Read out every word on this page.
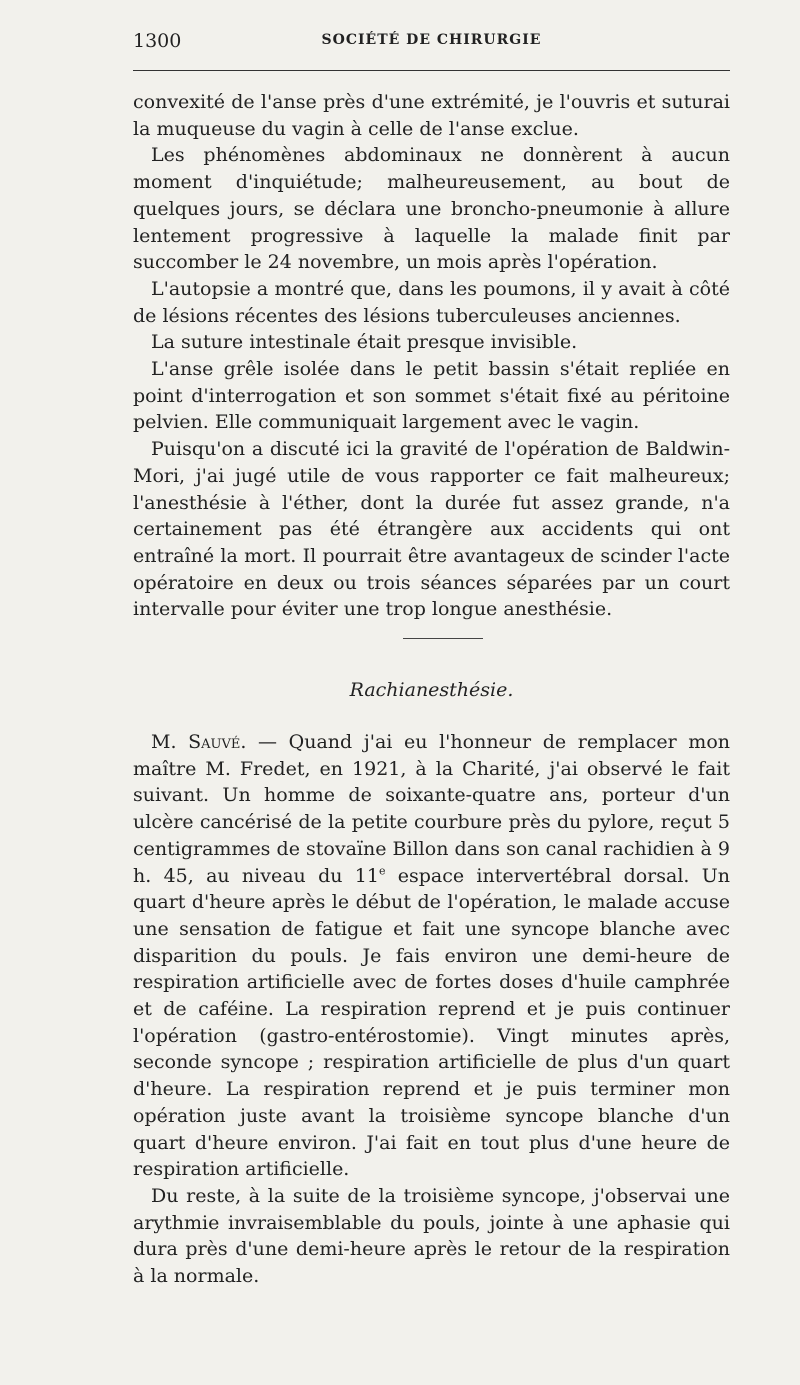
1300	SOCIÉTÉ DE CHIRURGIE

convexité de l'anse près d'une extrémité, je l'ouvris et suturai la muqueuse du vagin à celle de l'anse exclue.

Les phénomènes abdominaux ne donnèrent à aucun moment d'inquiétude; malheureusement, au bout de quelques jours, se déclara une broncho-pneumonie à allure lentement progressive à laquelle la malade finit par succomber le 24 novembre, un mois après l'opération.

L'autopsie a montré que, dans les poumons, il y avait à côté de lésions récentes des lésions tuberculeuses anciennes.

La suture intestinale était presque invisible.

L'anse grêle isolée dans le petit bassin s'était repliée en point d'interrogation et son sommet s'était fixé au péritoine pelvien. Elle communiquait largement avec le vagin.

Puisqu'on a discuté ici la gravité de l'opération de Baldwin-Mori, j'ai jugé utile de vous rapporter ce fait malheureux; l'anesthésie à l'éther, dont la durée fut assez grande, n'a certainement pas été étrangère aux accidents qui ont entraîné la mort. Il pourrait être avantageux de scinder l'acte opératoire en deux ou trois séances séparées par un court intervalle pour éviter une trop longue anesthésie.

Rachianesthésie.

M. Sauvé. — Quand j'ai eu l'honneur de remplacer mon maître M. Fredet, en 1921, à la Charité, j'ai observé le fait suivant. Un homme de soixante-quatre ans, porteur d'un ulcère cancérisé de la petite courbure près du pylore, reçut 5 centigrammes de stovaïne Billon dans son canal rachidien à 9 h. 45, au niveau du 11e espace intervertébral dorsal. Un quart d'heure après le début de l'opération, le malade accuse une sensation de fatigue et fait une syncope blanche avec disparition du pouls. Je fais environ une demi-heure de respiration artificielle avec de fortes doses d'huile camphrée et de caféine. La respiration reprend et je puis continuer l'opération (gastro-entérostomie). Vingt minutes après, seconde syncope ; respiration artificielle de plus d'un quart d'heure. La respiration reprend et je puis terminer mon opération juste avant la troisième syncope blanche d'un quart d'heure environ. J'ai fait en tout plus d'une heure de respiration artificielle.

Du reste, à la suite de la troisième syncope, j'observai une arythmie invraisemblable du pouls, jointe à une aphasie qui dura près d'une demi-heure après le retour de la respiration à la normale.
